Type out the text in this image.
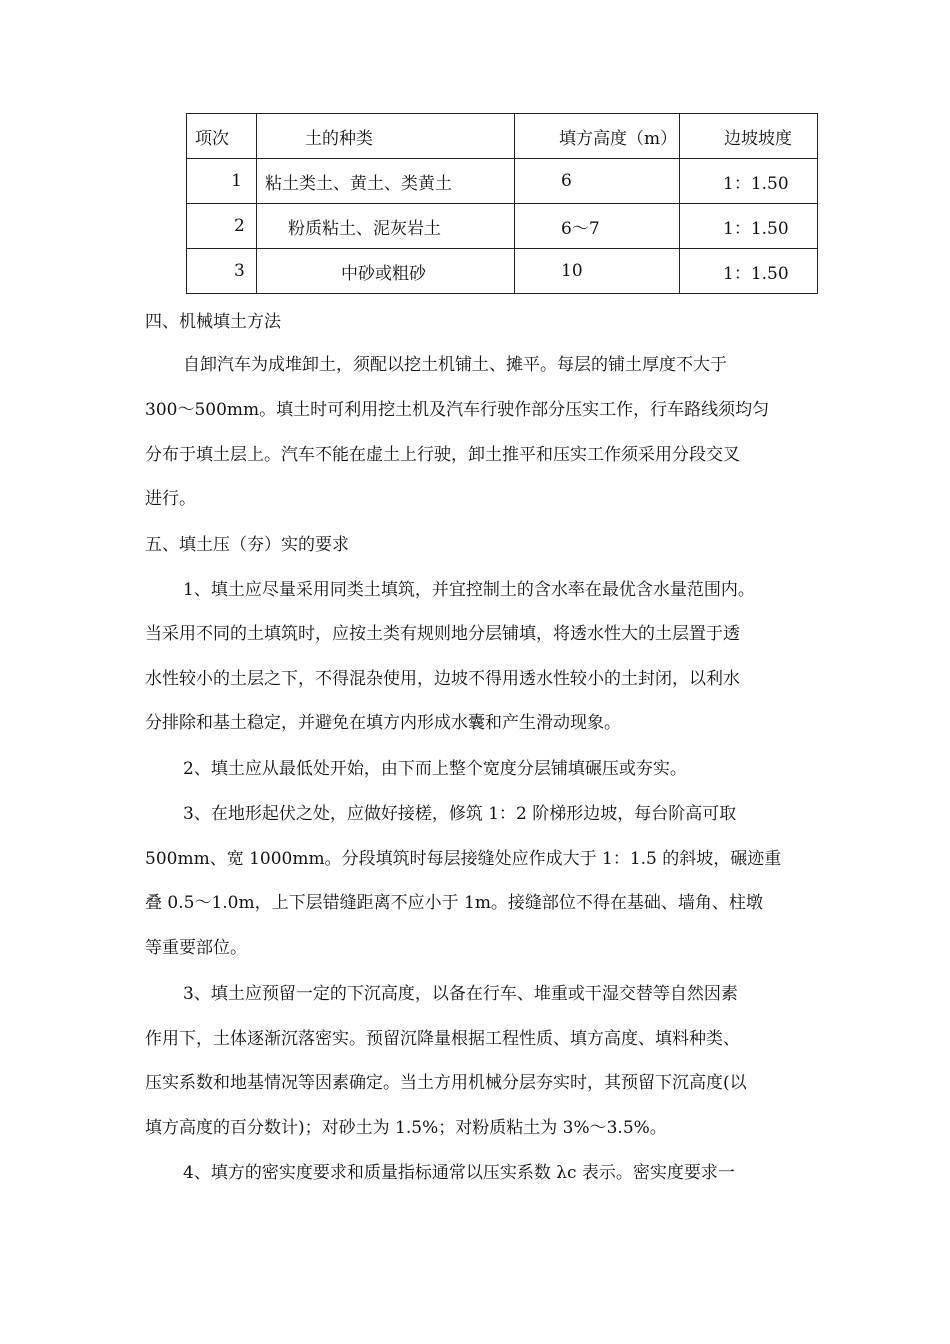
项次	土的种类	填方高度（m）	边坡坡度
1	粘土类土、黄土、类黄土	6	1：1.50
2	粉质粘土、泥灰岩土	6～7	1：1.50
3	中砂或粗砂	10	1：1.50
四、机械填土方法
自卸汽车为成堆卸土，须配以挖土机铺土、摊平。每层的铺土厚度不大于
300～500mm。填土时可利用挖土机及汽车行驶作部分压实工作，行车路线须均匀
分布于填土层上。汽车不能在虚土上行驶，卸土推平和压实工作须采用分段交叉
进行。
五、填土压（夯）实的要求
1、填土应尽量采用同类土填筑，并宜控制土的含水率在最优含水量范围内。
当采用不同的土填筑时，应按土类有规则地分层铺填，将透水性大的土层置于透
水性较小的土层之下，不得混杂使用，边坡不得用透水性较小的土封闭，以利水
分排除和基土稳定，并避免在填方内形成水囊和产生滑动现象。
2、填土应从最低处开始，由下而上整个宽度分层铺填碾压或夯实。
3、在地形起伏之处，应做好接槎，修筑 1：2 阶梯形边坡，每台阶高可取
500mm、宽 1000mm。分段填筑时每层接缝处应作成大于 1：1.5 的斜坡，碾迹重
叠 0.5～1.0m，上下层错缝距离不应小于 1m。接缝部位不得在基础、墙角、柱墩
等重要部位。
3、填土应预留一定的下沉高度，以备在行车、堆重或干湿交替等自然因素
作用下，土体逐渐沉落密实。预留沉降量根据工程性质、填方高度、填料种类、
压实系数和地基情况等因素确定。当土方用机械分层夯实时，其预留下沉高度(以
填方高度的百分数计)；对砂土为 1.5%；对粉质粘土为 3%～3.5%。
4、填方的密实度要求和质量指标通常以压实系数 λc 表示。密实度要求一
